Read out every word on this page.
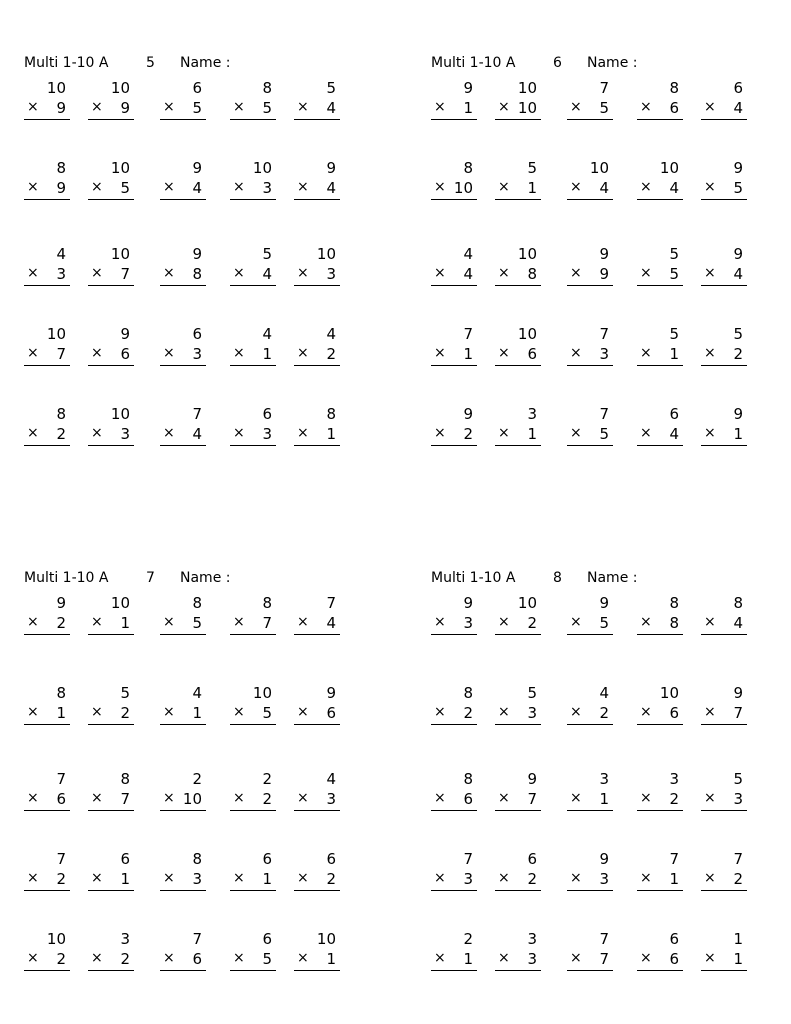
Multi 1-10 A	5 Name :
10
× 9
10
× 9
6
× 5
8
× 5
5
× 4
8
× 9
10
× 5
9
× 4
10
× 3
9
× 4
4
× 3
10
× 7
9
× 8
5
× 4
10
× 3
10
× 7
9
× 6
6
× 3
4
× 1
4
× 2
8
× 2
10
× 3
7
× 4
6
× 3
8
× 1
Multi 1-10 A	6 Name :
9
× 1
10
× 10
7
× 5
8
× 6
6
× 4
8
× 10
5
× 1
10
× 4
10
× 4
9
× 5
4
× 4
10
× 8
9
× 9
5
× 5
9
× 4
7
× 1
10
× 6
7
× 3
5
× 1
5
× 2
9
× 2
3
× 1
7
× 5
6
× 4
9
× 1
Multi 1-10 A	7 Name :
9
× 2
10
× 1
8
× 5
8
× 7
7
× 4
8
× 1
5
× 2
4
× 1
10
× 5
9
× 6
7
× 6
8
× 7
2
× 10
2
× 2
4
× 3
7
× 2
6
× 1
8
× 3
6
× 1
6
× 2
10
× 2
3
× 2
7
× 6
6
× 5
10
× 1
Multi 1-10 A	8 Name :
9
× 3
10
× 2
9
× 5
8
× 8
8
× 4
8
× 2
5
× 3
4
× 2
10
× 6
9
× 7
8
× 6
9
× 7
3
× 1
3
× 2
5
× 3
7
× 3
6
× 2
9
× 3
7
× 1
7
× 2
2
× 1
3
× 3
7
× 7
6
× 6
1
× 1
